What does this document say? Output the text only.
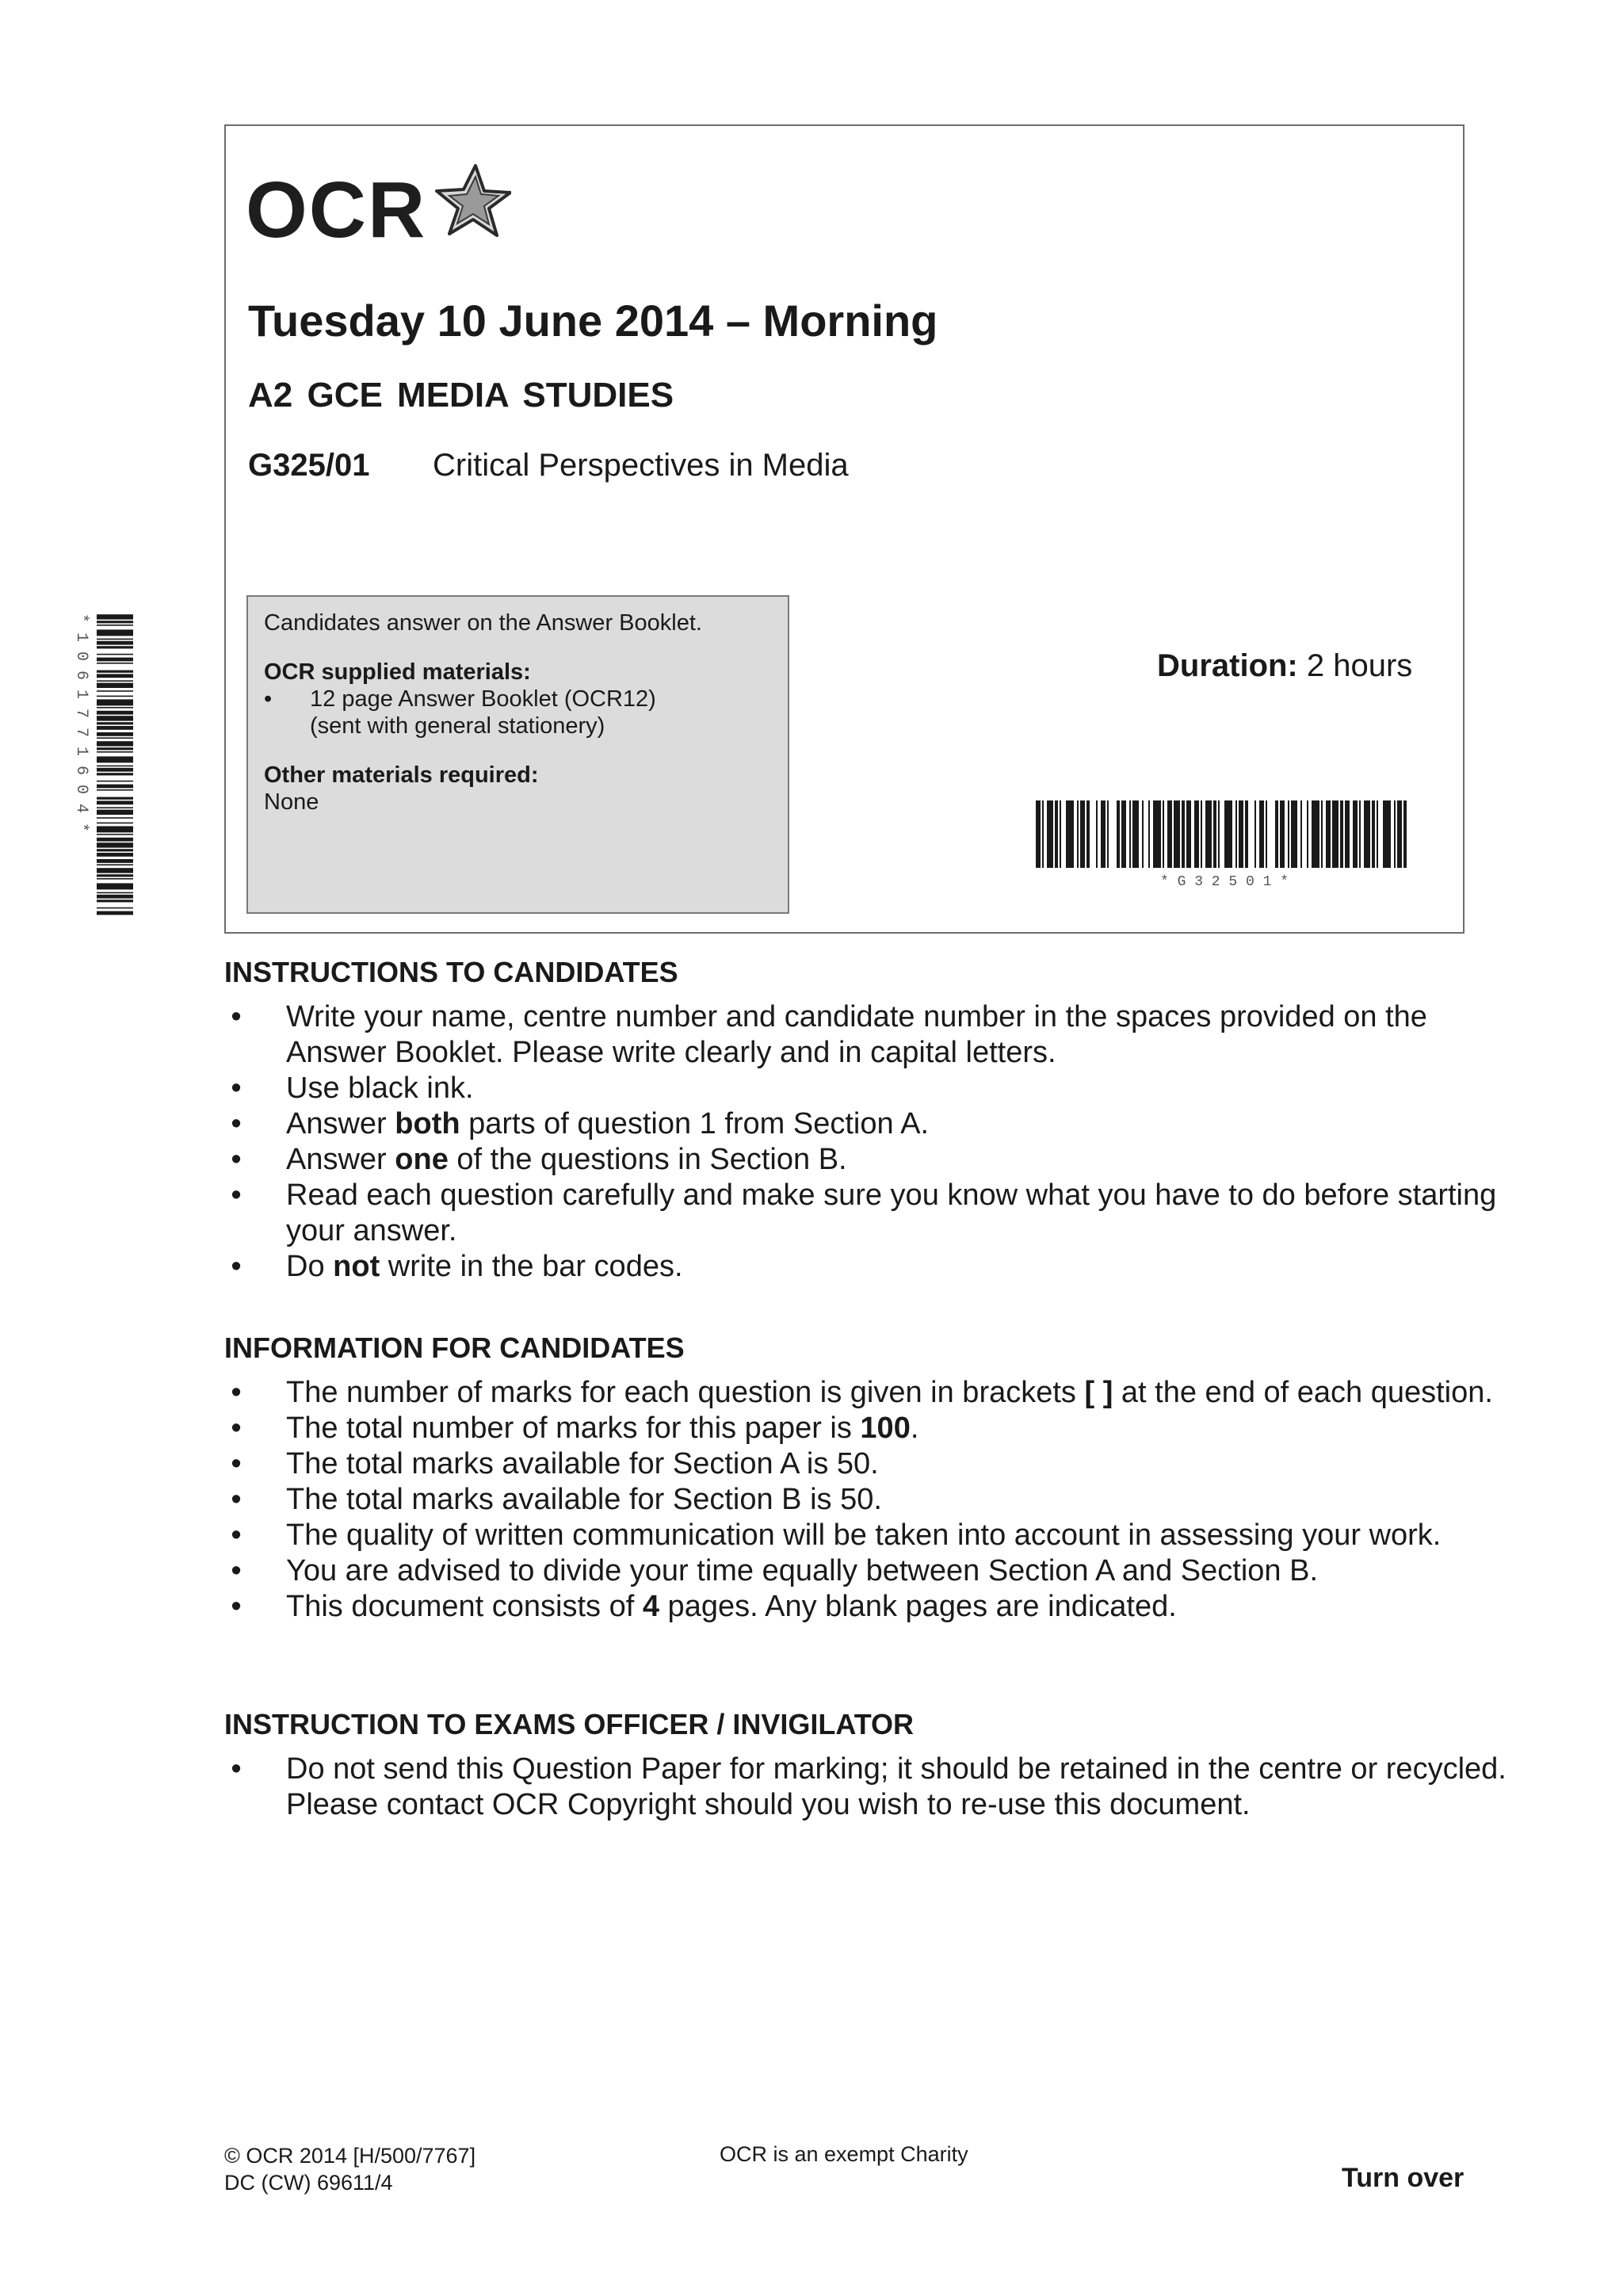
OCR
Tuesday 10 June 2014 – Morning
A2 GCE MEDIA STUDIES
G325/01 Critical Perspectives in Media
Candidates answer on the Answer Booklet.
OCR supplied materials:
• 12 page Answer Booklet (OCR12)
(sent with general stationery)
Other materials required:
None
Duration: 2 hours
* G 3 2 5 0 1 *
* 1 0 6 1 7 7 1 6 0 4 *
INSTRUCTIONS TO CANDIDATES
• Write your name, centre number and candidate number in the spaces provided on the Answer Booklet. Please write clearly and in capital letters.
• Use black ink.
• Answer both parts of question 1 from Section A.
• Answer one of the questions in Section B.
• Read each question carefully and make sure you know what you have to do before starting your answer.
• Do not write in the bar codes.
INFORMATION FOR CANDIDATES
• The number of marks for each question is given in brackets [ ] at the end of each question.
• The total number of marks for this paper is 100.
• The total marks available for Section A is 50.
• The total marks available for Section B is 50.
• The quality of written communication will be taken into account in assessing your work.
• You are advised to divide your time equally between Section A and Section B.
• This document consists of 4 pages. Any blank pages are indicated.
INSTRUCTION TO EXAMS OFFICER / INVIGILATOR
• Do not send this Question Paper for marking; it should be retained in the centre or recycled. Please contact OCR Copyright should you wish to re-use this document.
© OCR 2014 [H/500/7767]
DC (CW) 69611/4
OCR is an exempt Charity
Turn over
